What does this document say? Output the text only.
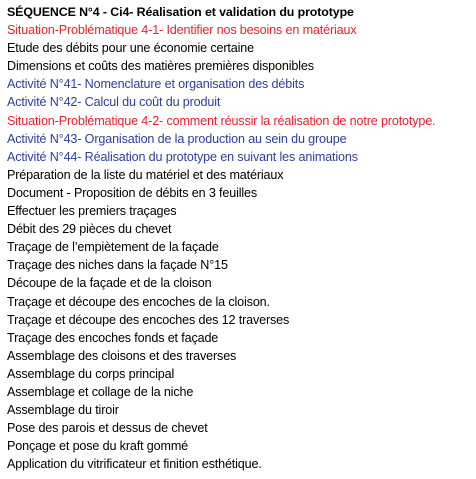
SÉQUENCE N°4 - Ci4- Réalisation et validation du prototype
Situation-Problématique 4-1- Identifier nos besoins en matériaux
Etude des débits pour une économie certaine
Dimensions et coûts des matières premières disponibles
Activité N°41- Nomenclature et organisation des débits
Activité N°42- Calcul du coût du produit
Situation-Problématique 4-2- comment réussir la réalisation de notre prototype.
Activité N°43- Organisation de la production au sein du groupe
Activité N°44- Réalisation du prototype en suivant les animations
Préparation de la liste du matériel et des matériaux
Document - Proposition de débits en 3 feuilles
Effectuer les premiers traçages
Débit des 29 pièces du chevet
Traçage de l’empiètement de la façade
Traçage des niches dans la façade N°15
Découpe de la façade et de la cloison
Traçage et découpe des encoches de la cloison.
Traçage et découpe des encoches des 12 traverses
Traçage des encoches fonds et façade
Assemblage des cloisons et des traverses
Assemblage du corps principal
Assemblage et collage de la niche
Assemblage du tiroir
Pose des parois et dessus de chevet
Ponçage et pose du kraft gommé
Application du vitrificateur et finition esthétique.
